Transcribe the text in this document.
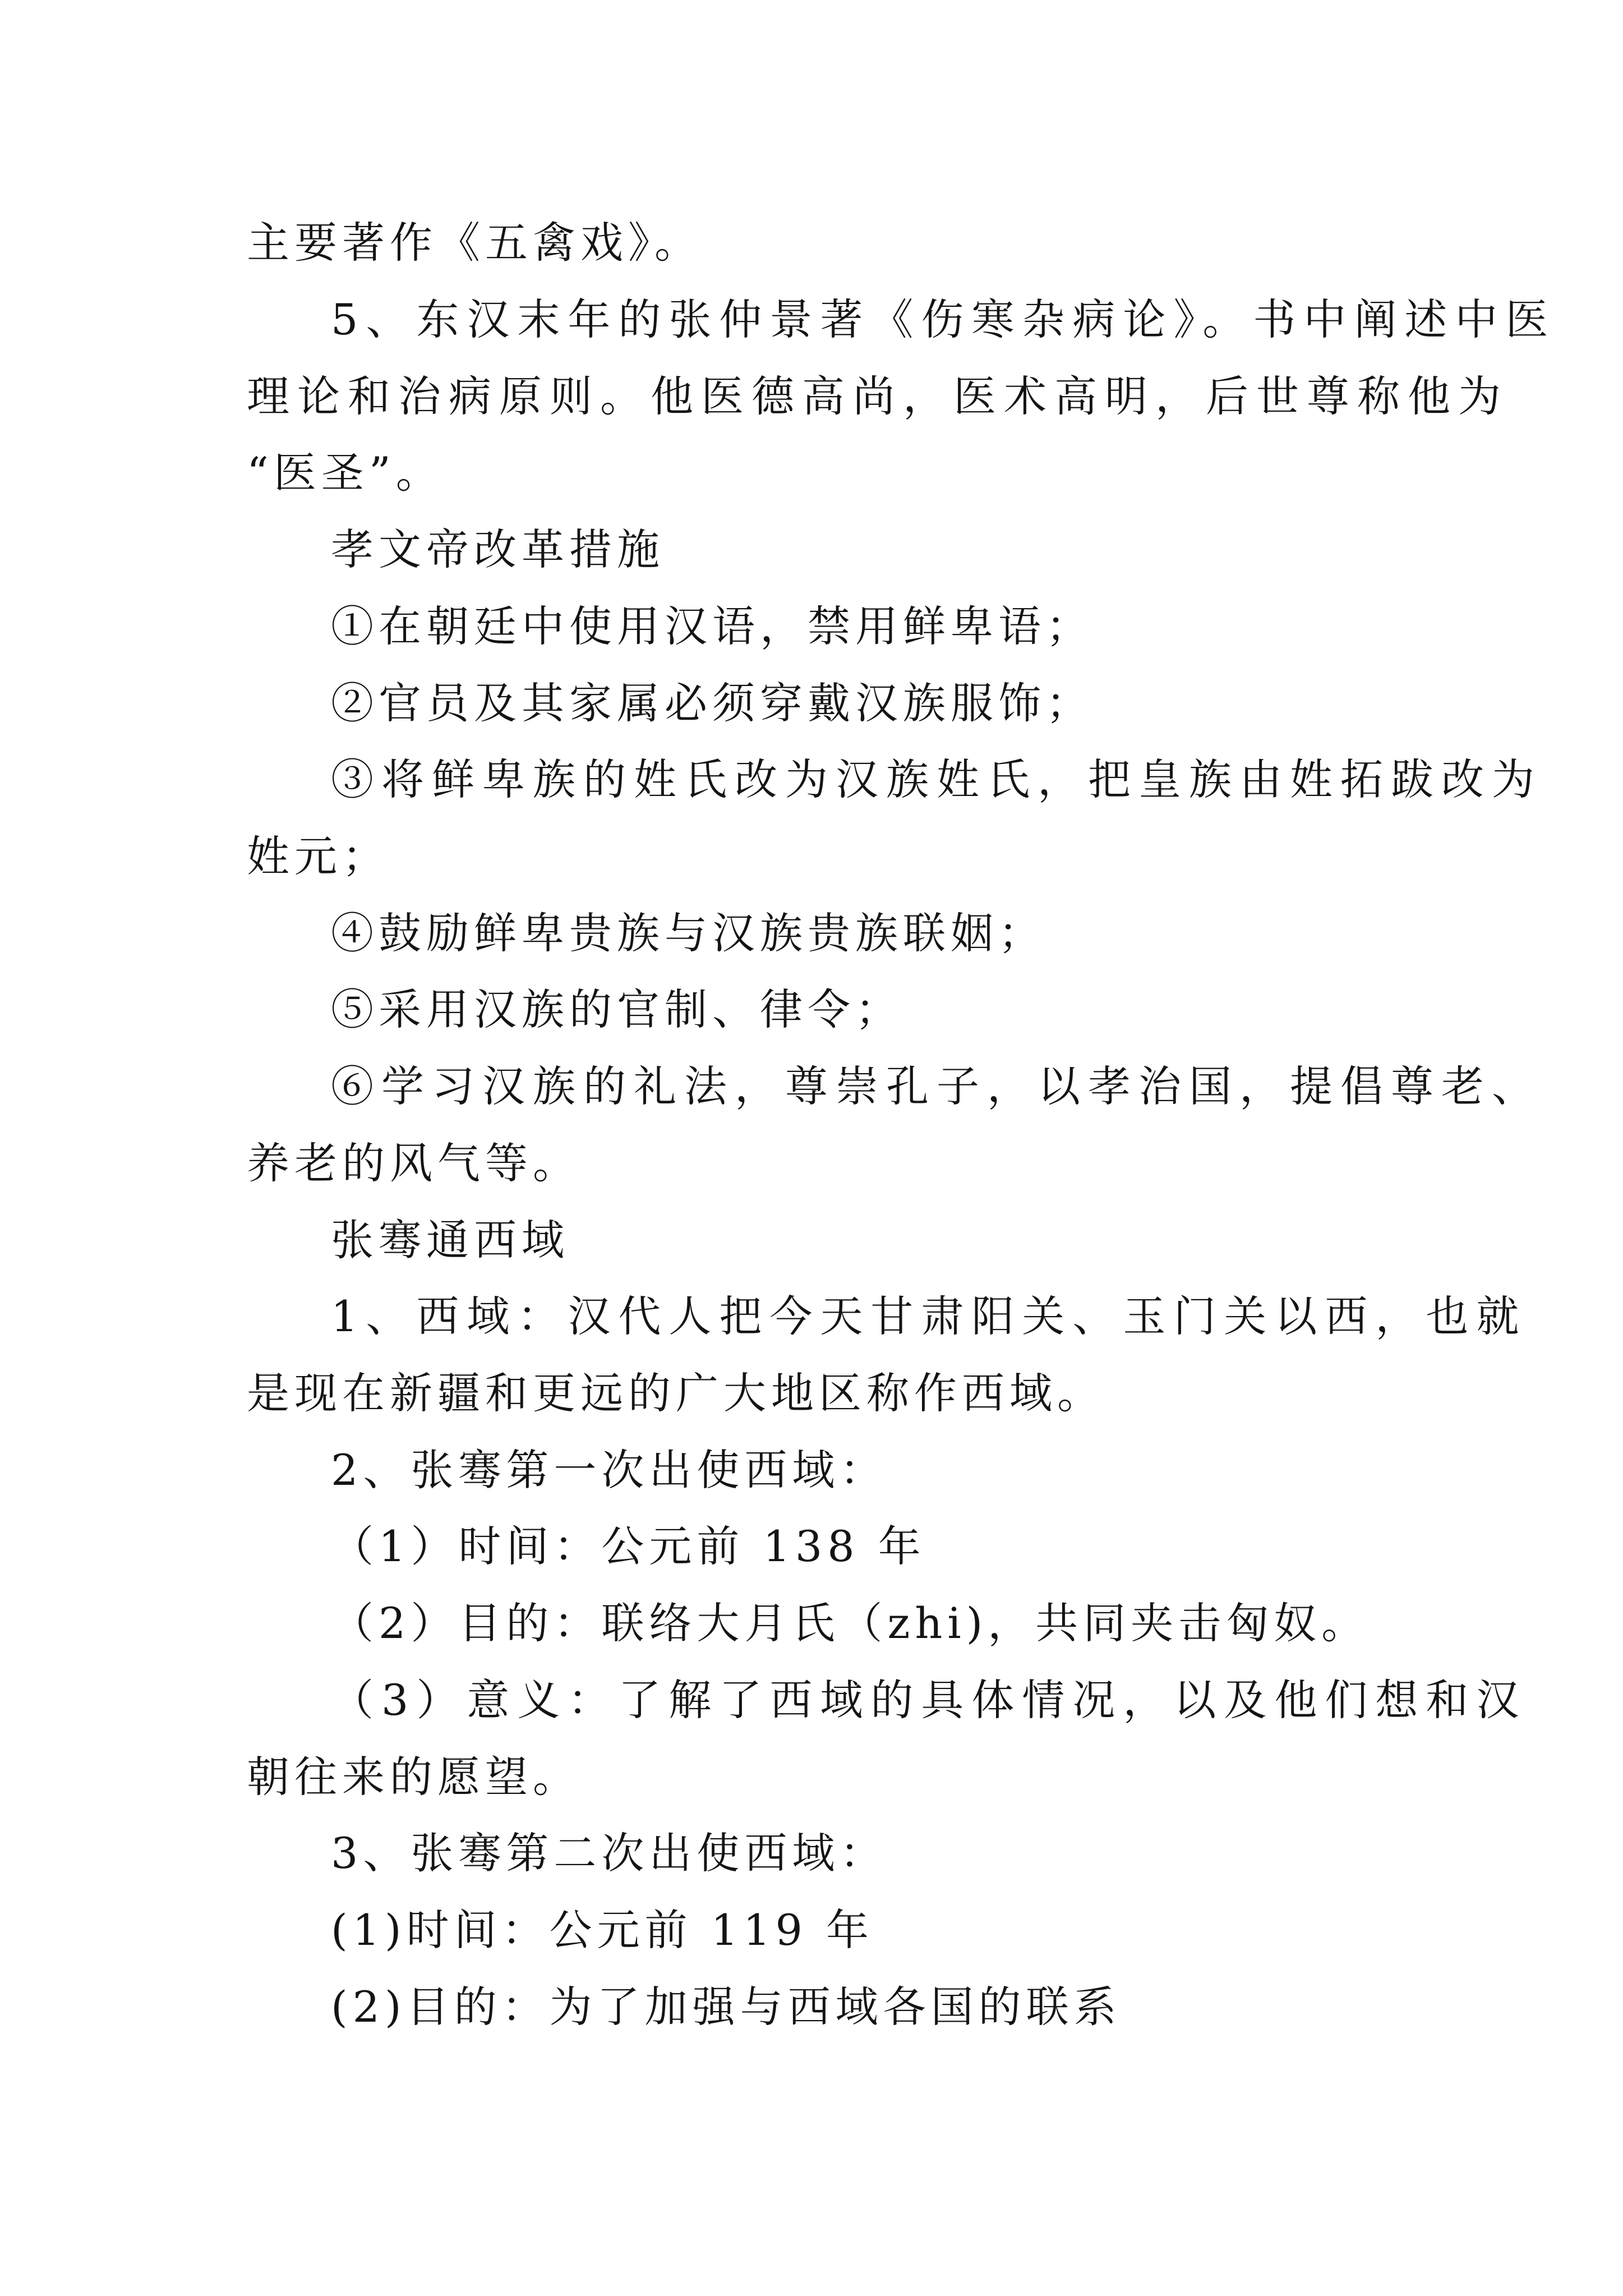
主要著作《五禽戏》。
5、东汉末年的张仲景著《伤寒杂病论》。书中阐述中医
理论和治病原则。他医德高尚，医术高明，后世尊称他为
“医圣”。
孝文帝改革措施
①在朝廷中使用汉语，禁用鲜卑语；
②官员及其家属必须穿戴汉族服饰；
③将鲜卑族的姓氏改为汉族姓氏，把皇族由姓拓跋改为
姓元；
④鼓励鲜卑贵族与汉族贵族联姻；
⑤采用汉族的官制、律令；
⑥学习汉族的礼法，尊崇孔子，以孝治国，提倡尊老、
养老的风气等。
张骞通西域
1、西域：汉代人把今天甘肃阳关、玉门关以西，也就
是现在新疆和更远的广大地区称作西域。
2、张骞第一次出使西域：
（1）时间：公元前 138 年
（2）目的：联络大月氏（zhi)，共同夹击匈奴。
（3）意义：了解了西域的具体情况，以及他们想和汉
朝往来的愿望。
3、张骞第二次出使西域：
(1)时间：公元前 119 年
(2)目的：为了加强与西域各国的联系
